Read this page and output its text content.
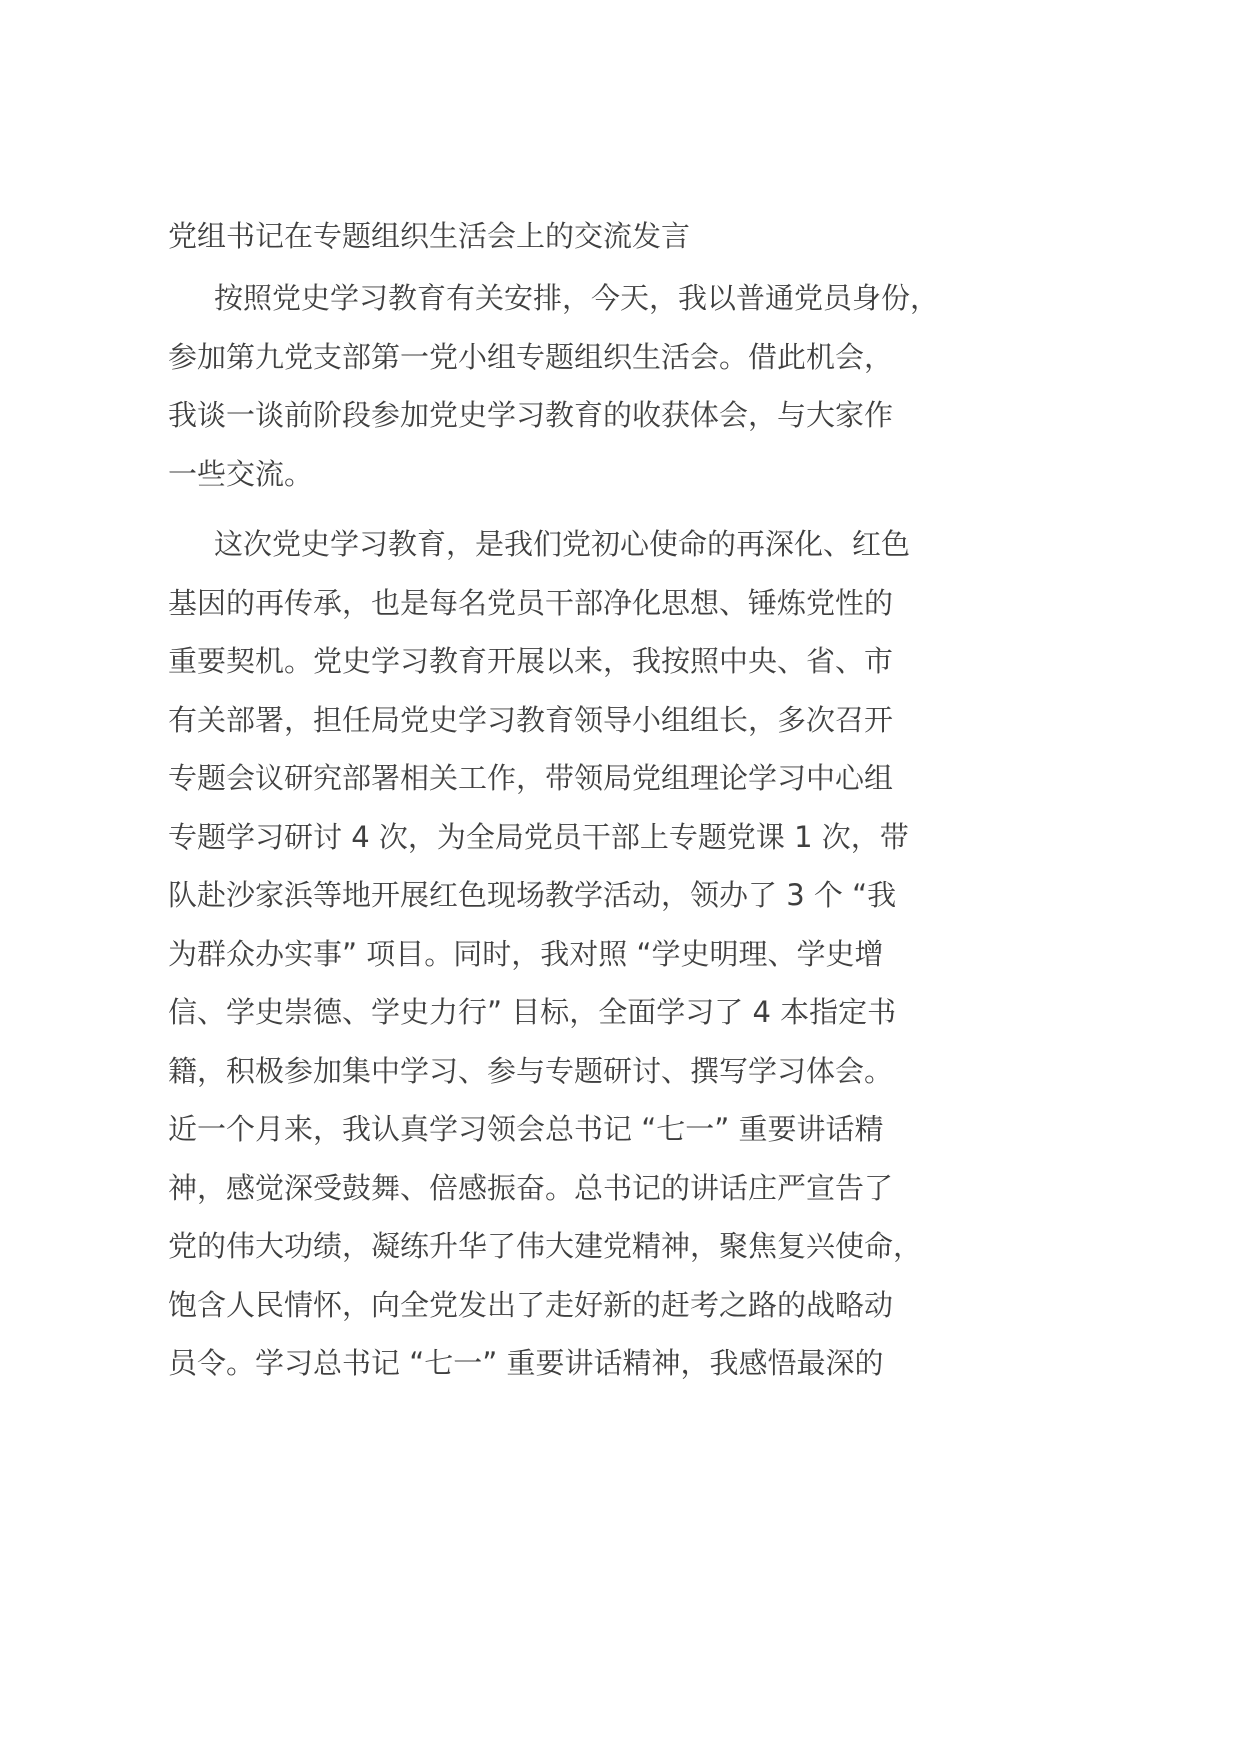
党组书记在专题组织生活会上的交流发言
按照党史学习教育有关安排，今天，我以普通党员身份，
参加第九党支部第一党小组专题组织生活会。借此机会，
我谈一谈前阶段参加党史学习教育的收获体会，与大家作
一些交流。
这次党史学习教育，是我们党初心使命的再深化、红色
基因的再传承，也是每名党员干部净化思想、锤炼党性的
重要契机。党史学习教育开展以来，我按照中央、省、市
有关部署，担任局党史学习教育领导小组组长，多次召开
专题会议研究部署相关工作，带领局党组理论学习中心组
专题学习研讨 4 次，为全局党员干部上专题党课 1 次，带
队赴沙家浜等地开展红色现场教学活动，领办了 3 个 “我
为群众办实事” 项目。同时，我对照 “学史明理、学史增
信、学史崇德、学史力行” 目标，全面学习了 4 本指定书
籍，积极参加集中学习、参与专题研讨、撰写学习体会。
近一个月来，我认真学习领会总书记 “七一” 重要讲话精
神，感觉深受鼓舞、倍感振奋。总书记的讲话庄严宣告了
党的伟大功绩，凝练升华了伟大建党精神，聚焦复兴使命，
饱含人民情怀，向全党发出了走好新的赶考之路的战略动
员令。学习总书记 “七一” 重要讲话精神，我感悟最深的
